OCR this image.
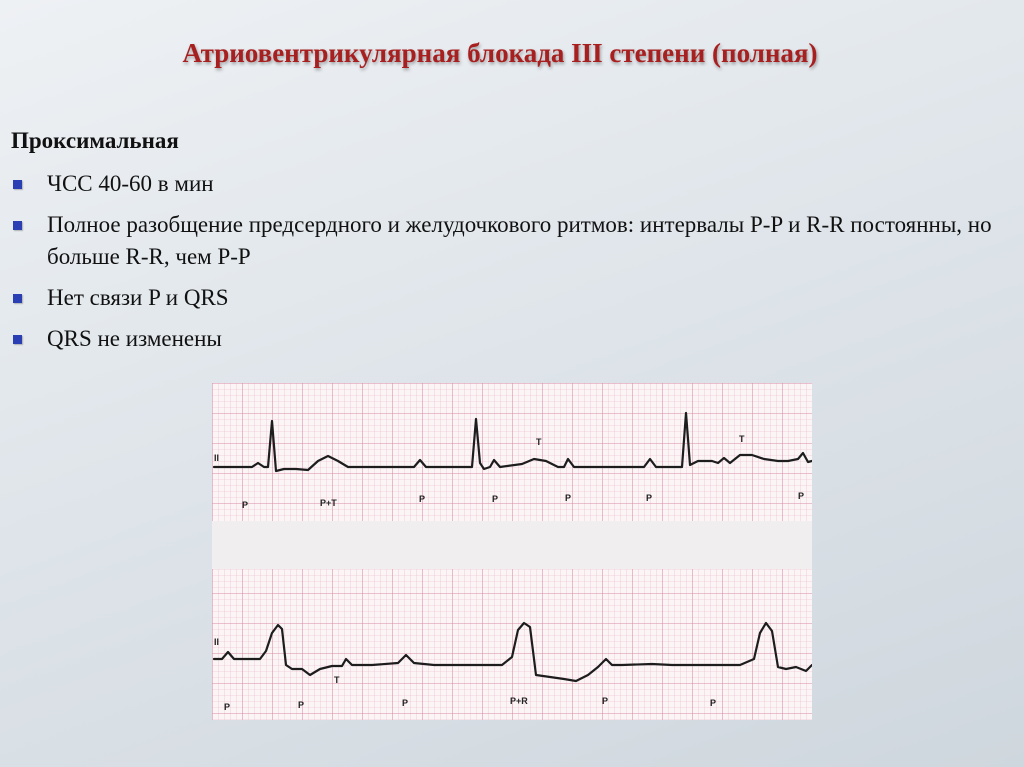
Атриовентрикулярная блокада III степени (полная)
Проксимальная
ЧСС 40-60 в мин
Полное разобщение предсердного и желудочкового ритмов: интервалы P-P и R-R постоянны, но больше R-R, чем P-P
Нет связи P и QRS
QRS не изменены
II
P	P+T	P	P	P	P	P
T	T
II
P	P	P	P+R	P	P
T
